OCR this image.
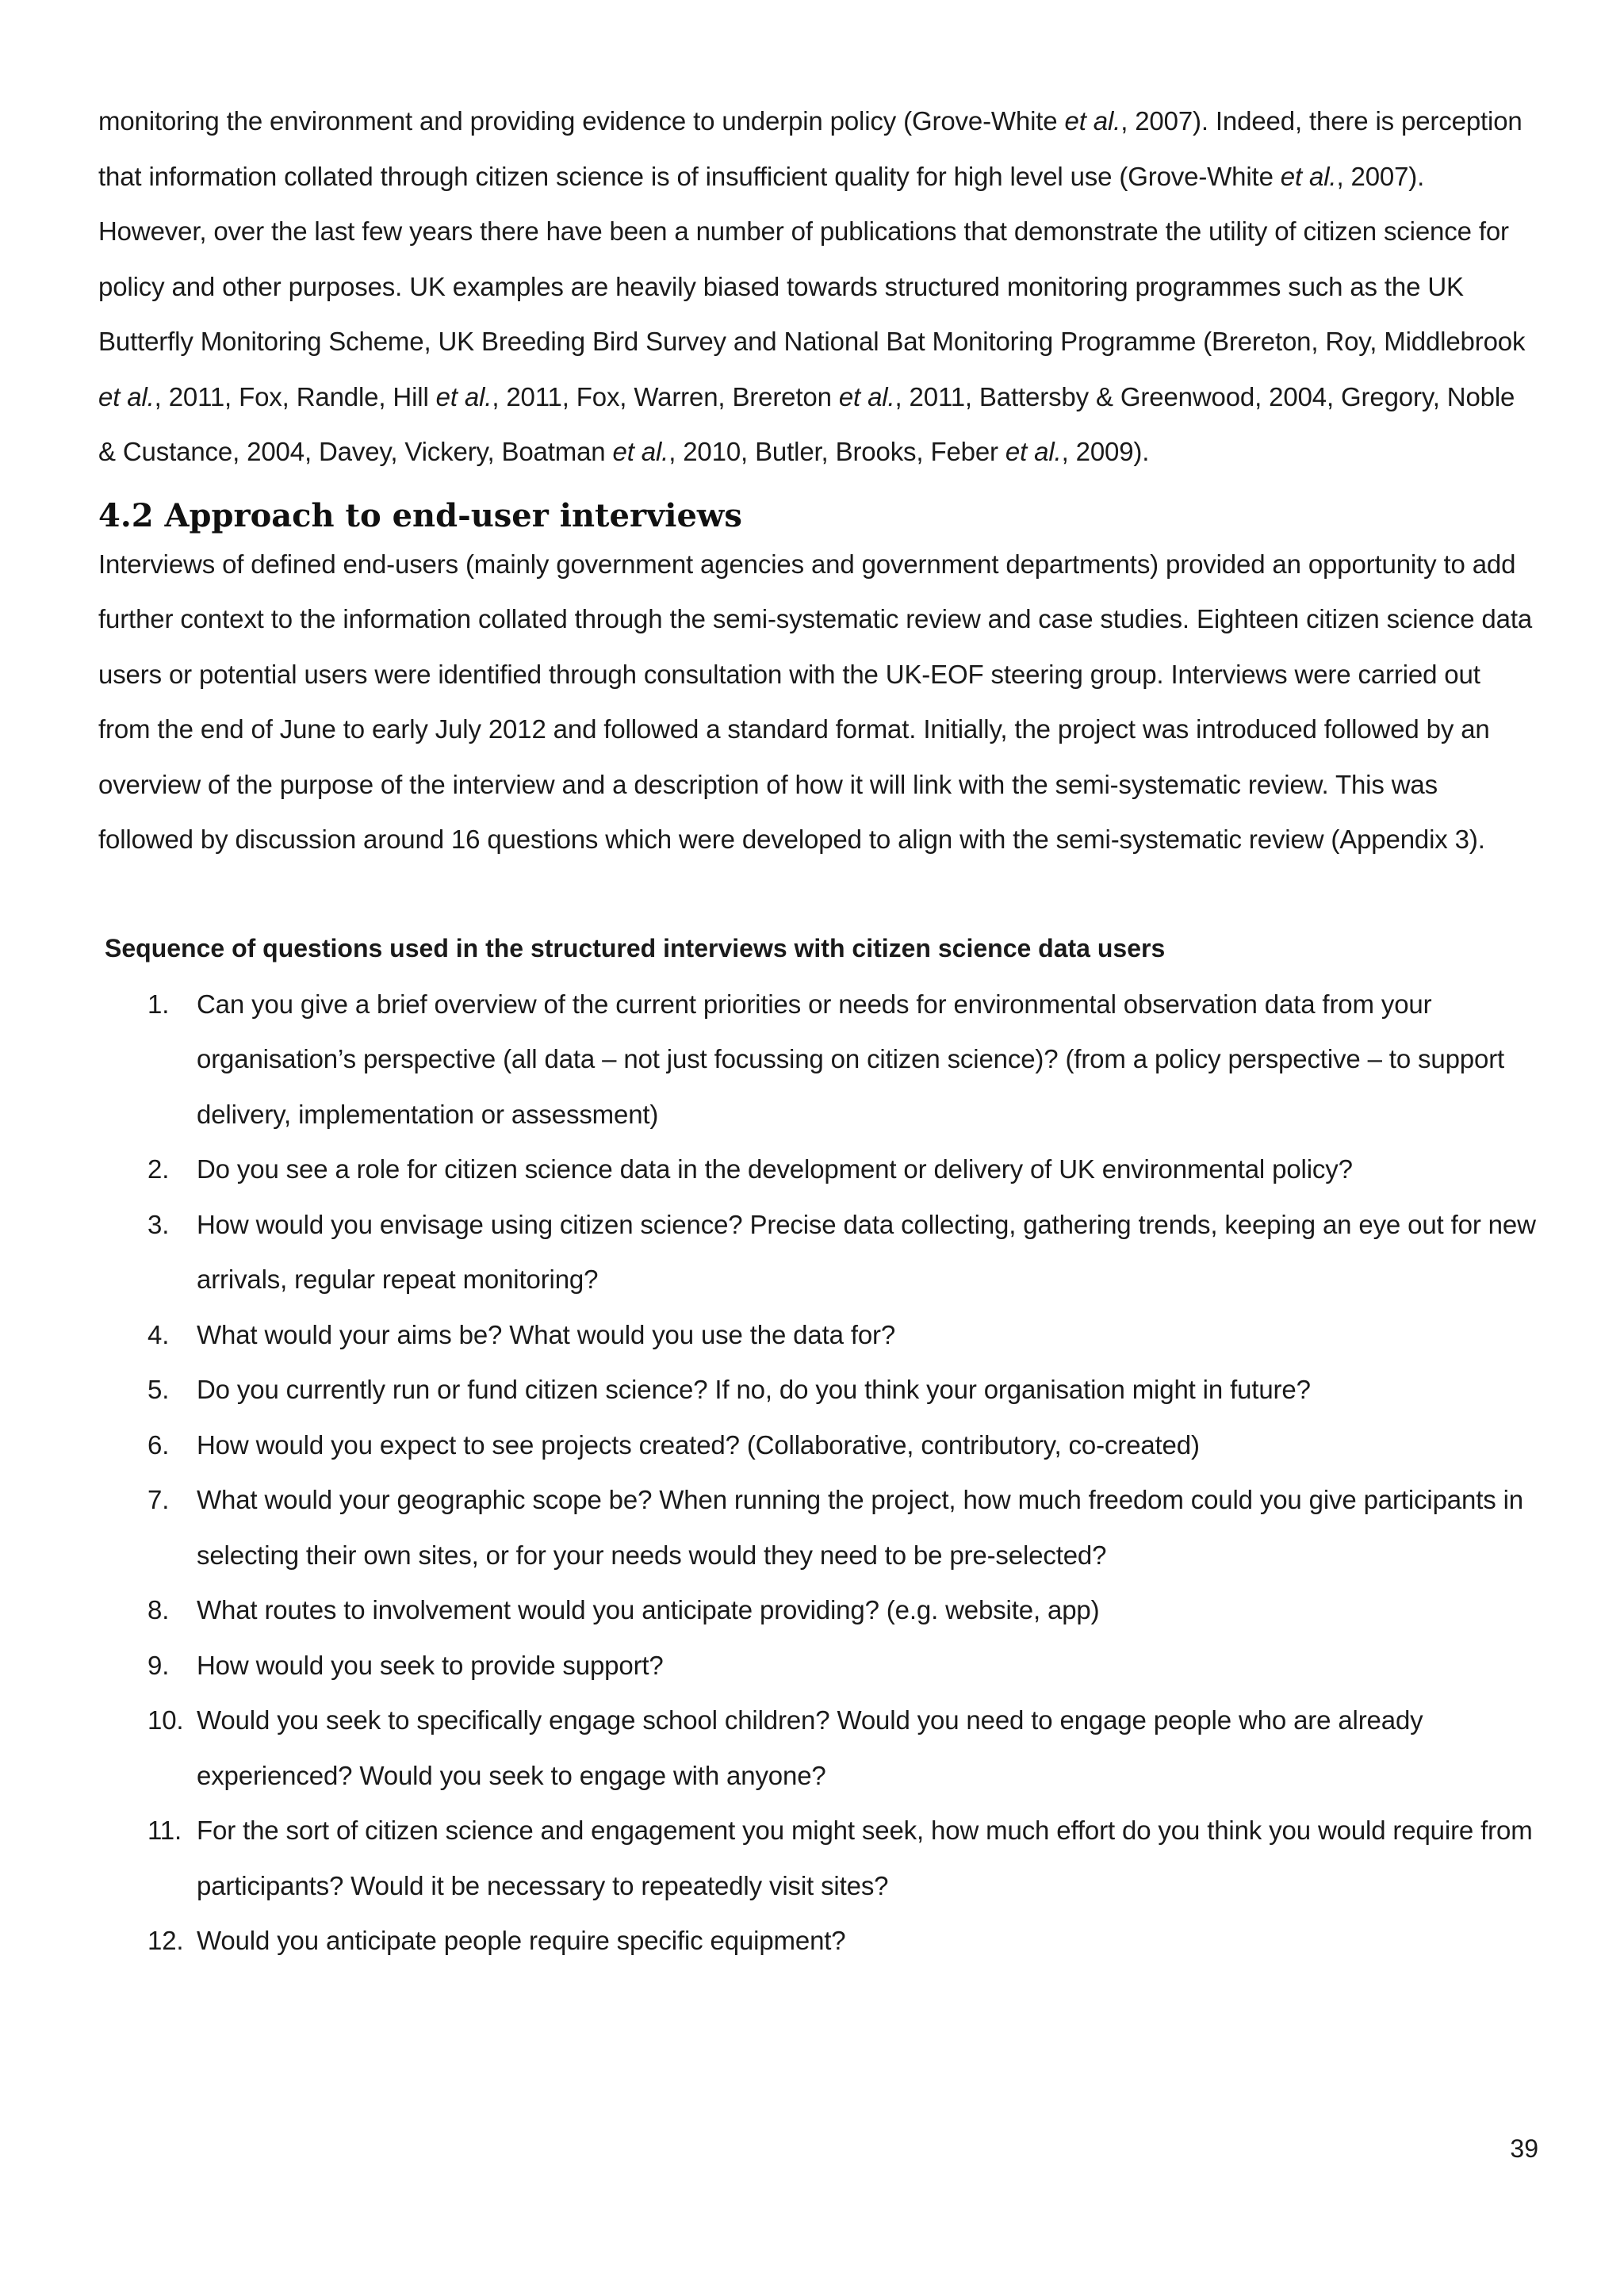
monitoring the environment and providing evidence to underpin policy (Grove-White et al., 2007). Indeed, there is perception that information collated through citizen science is of insufficient quality for high level use (Grove-White et al., 2007). However, over the last few years there have been a number of publications that demonstrate the utility of citizen science for policy and other purposes. UK examples are heavily biased towards structured monitoring programmes such as the UK Butterfly Monitoring Scheme, UK Breeding Bird Survey and National Bat Monitoring Programme (Brereton, Roy, Middlebrook et al., 2011, Fox, Randle, Hill et al., 2011, Fox, Warren, Brereton et al., 2011, Battersby & Greenwood, 2004, Gregory, Noble & Custance, 2004, Davey, Vickery, Boatman et al., 2010, Butler, Brooks, Feber et al., 2009).

4.2 Approach to end-user interviews

Interviews of defined end-users (mainly government agencies and government departments) provided an opportunity to add further context to the information collated through the semi-systematic review and case studies. Eighteen citizen science data users or potential users were identified through consultation with the UK-EOF steering group. Interviews were carried out from the end of June to early July 2012 and followed a standard format. Initially, the project was introduced followed by an overview of the purpose of the interview and a description of how it will link with the semi-systematic review. This was followed by discussion around 16 questions which were developed to align with the semi-systematic review (Appendix 3).

Sequence of questions used in the structured interviews with citizen science data users
1. Can you give a brief overview of the current priorities or needs for environmental observation data from your organisation’s perspective (all data – not just focussing on citizen science)? (from a policy perspective – to support delivery, implementation or assessment)
2. Do you see a role for citizen science data in the development or delivery of UK environmental policy?
3. How would you envisage using citizen science? Precise data collecting, gathering trends, keeping an eye out for new arrivals, regular repeat monitoring?
4. What would your aims be? What would you use the data for?
5. Do you currently run or fund citizen science? If no, do you think your organisation might in future?
6. How would you expect to see projects created? (Collaborative, contributory, co-created)
7. What would your geographic scope be? When running the project, how much freedom could you give participants in selecting their own sites, or for your needs would they need to be pre-selected?
8. What routes to involvement would you anticipate providing? (e.g. website, app)
9. How would you seek to provide support?
10. Would you seek to specifically engage school children? Would you need to engage people who are already experienced? Would you seek to engage with anyone?
11. For the sort of citizen science and engagement you might seek, how much effort do you think you would require from participants? Would it be necessary to repeatedly visit sites?
12. Would you anticipate people require specific equipment?
39
